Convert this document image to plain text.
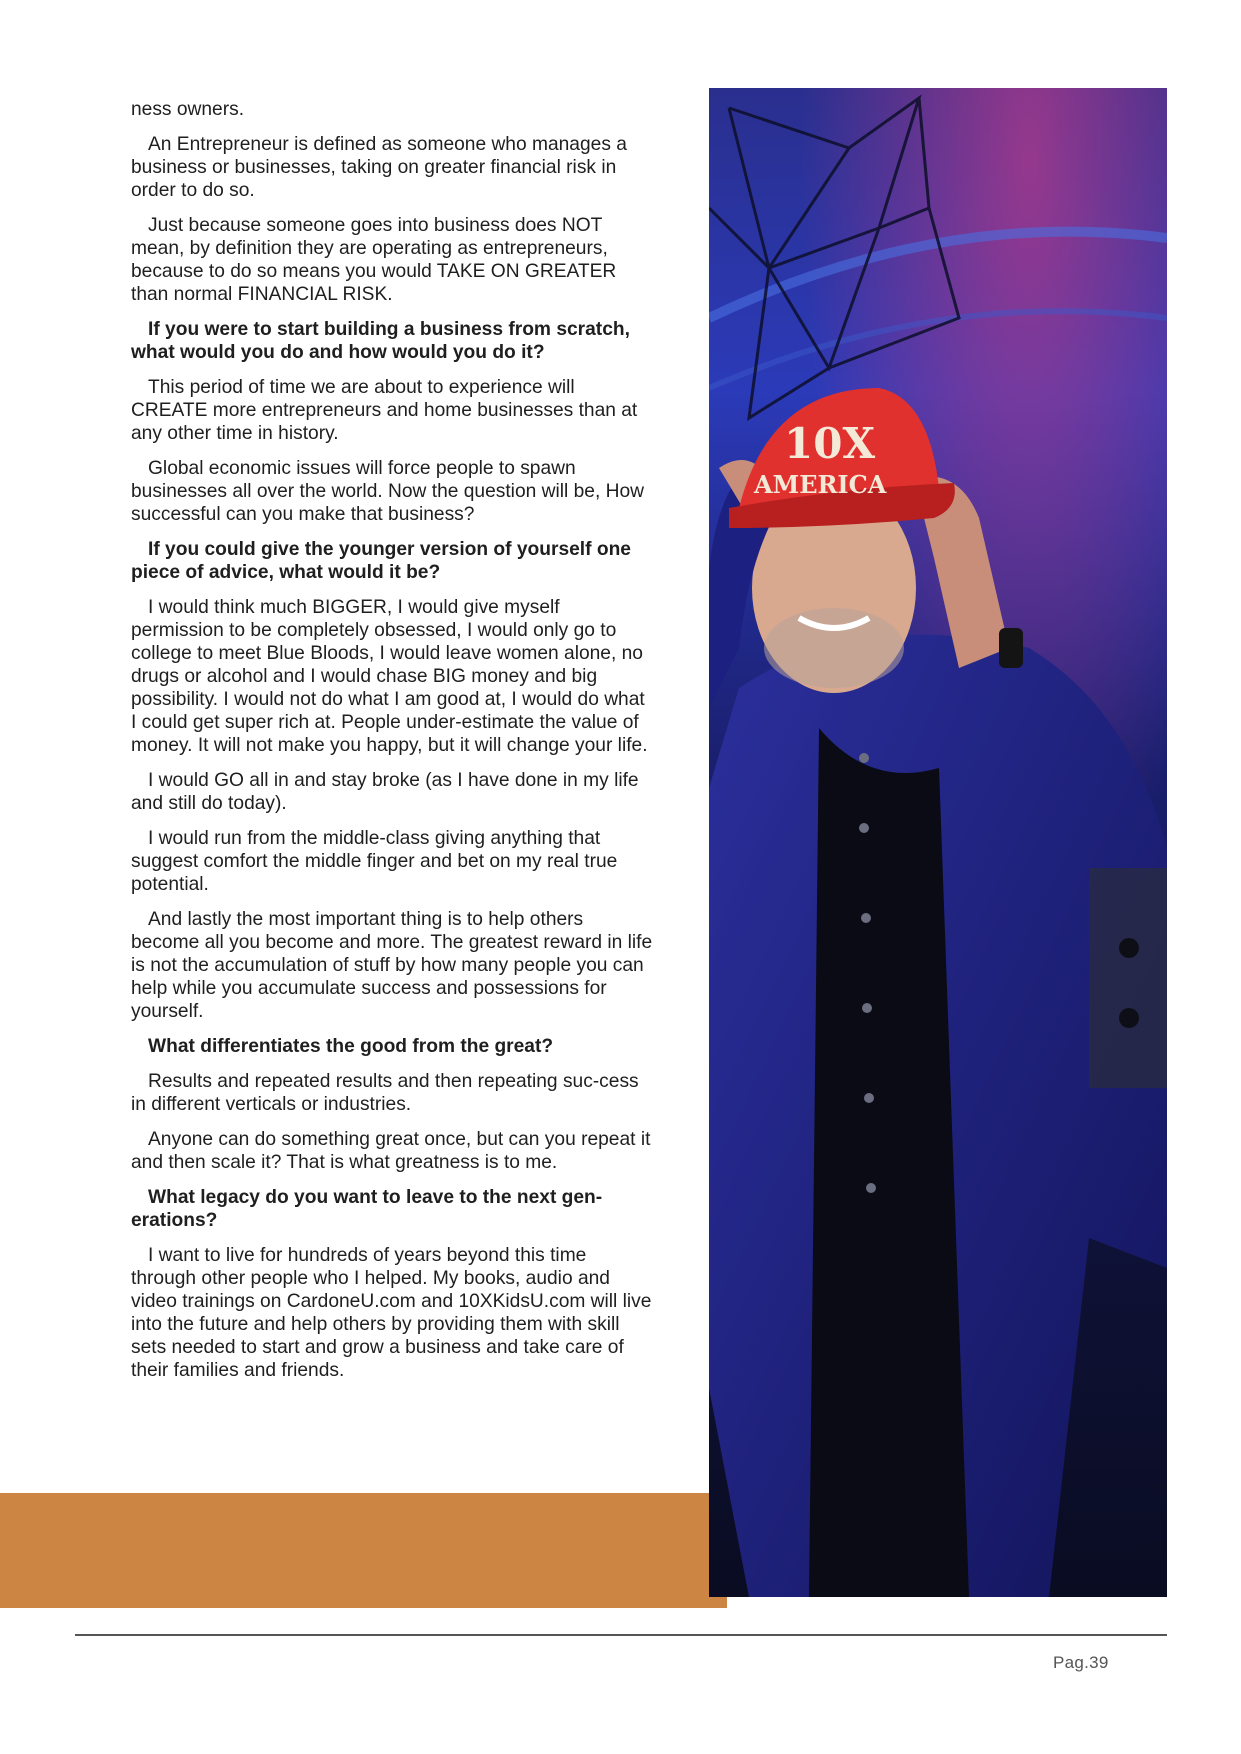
ness owners.

An Entrepreneur is defined as someone who manages a business or businesses, taking on greater financial risk in order to do so.

Just because someone goes into business does NOT mean, by definition they are operating as entrepreneurs, because to do so means you would TAKE ON GREATER than normal FINANCIAL RISK.

If you were to start building a business from scratch, what would you do and how would you do it?

This period of time we are about to experience will CREATE more entrepreneurs and home businesses than at any other time in history.

Global economic issues will force people to spawn businesses all over the world. Now the question will be, How successful can you make that business?

If you could give the younger version of yourself one piece of advice, what would it be?

I would think much BIGGER, I would give myself permission to be completely obsessed, I would only go to college to meet Blue Bloods, I would leave women alone, no drugs or alcohol and I would chase BIG money and big possibility. I would not do what I am good at, I would do what I could get super rich at. People under-estimate the value of money. It will not make you happy, but it will change your life.

I would GO all in and stay broke (as I have done in my life and still do today).

I would run from the middle-class giving anything that suggest comfort the middle finger and bet on my real true potential.

And lastly the most important thing is to help others become all you become and more. The greatest reward in life is not the accumulation of stuff by how many people you can help while you accumulate success and possessions for yourself.

What differentiates the good from the great?

Results and repeated results and then repeating suc-cess in different verticals or industries.

Anyone can do something great once, but can you repeat it and then scale it? That is what greatness is to me.

What legacy do you want to leave to the next gen-erations?

I want to live for hundreds of years beyond this time through other people who I helped. My books, audio and video trainings on CardoneU.com and 10XKidsU.com will live into the future and help others by providing them with skill sets needed to start and grow a business and take care of their families and friends.

10X
AMERICA
Pag.39
